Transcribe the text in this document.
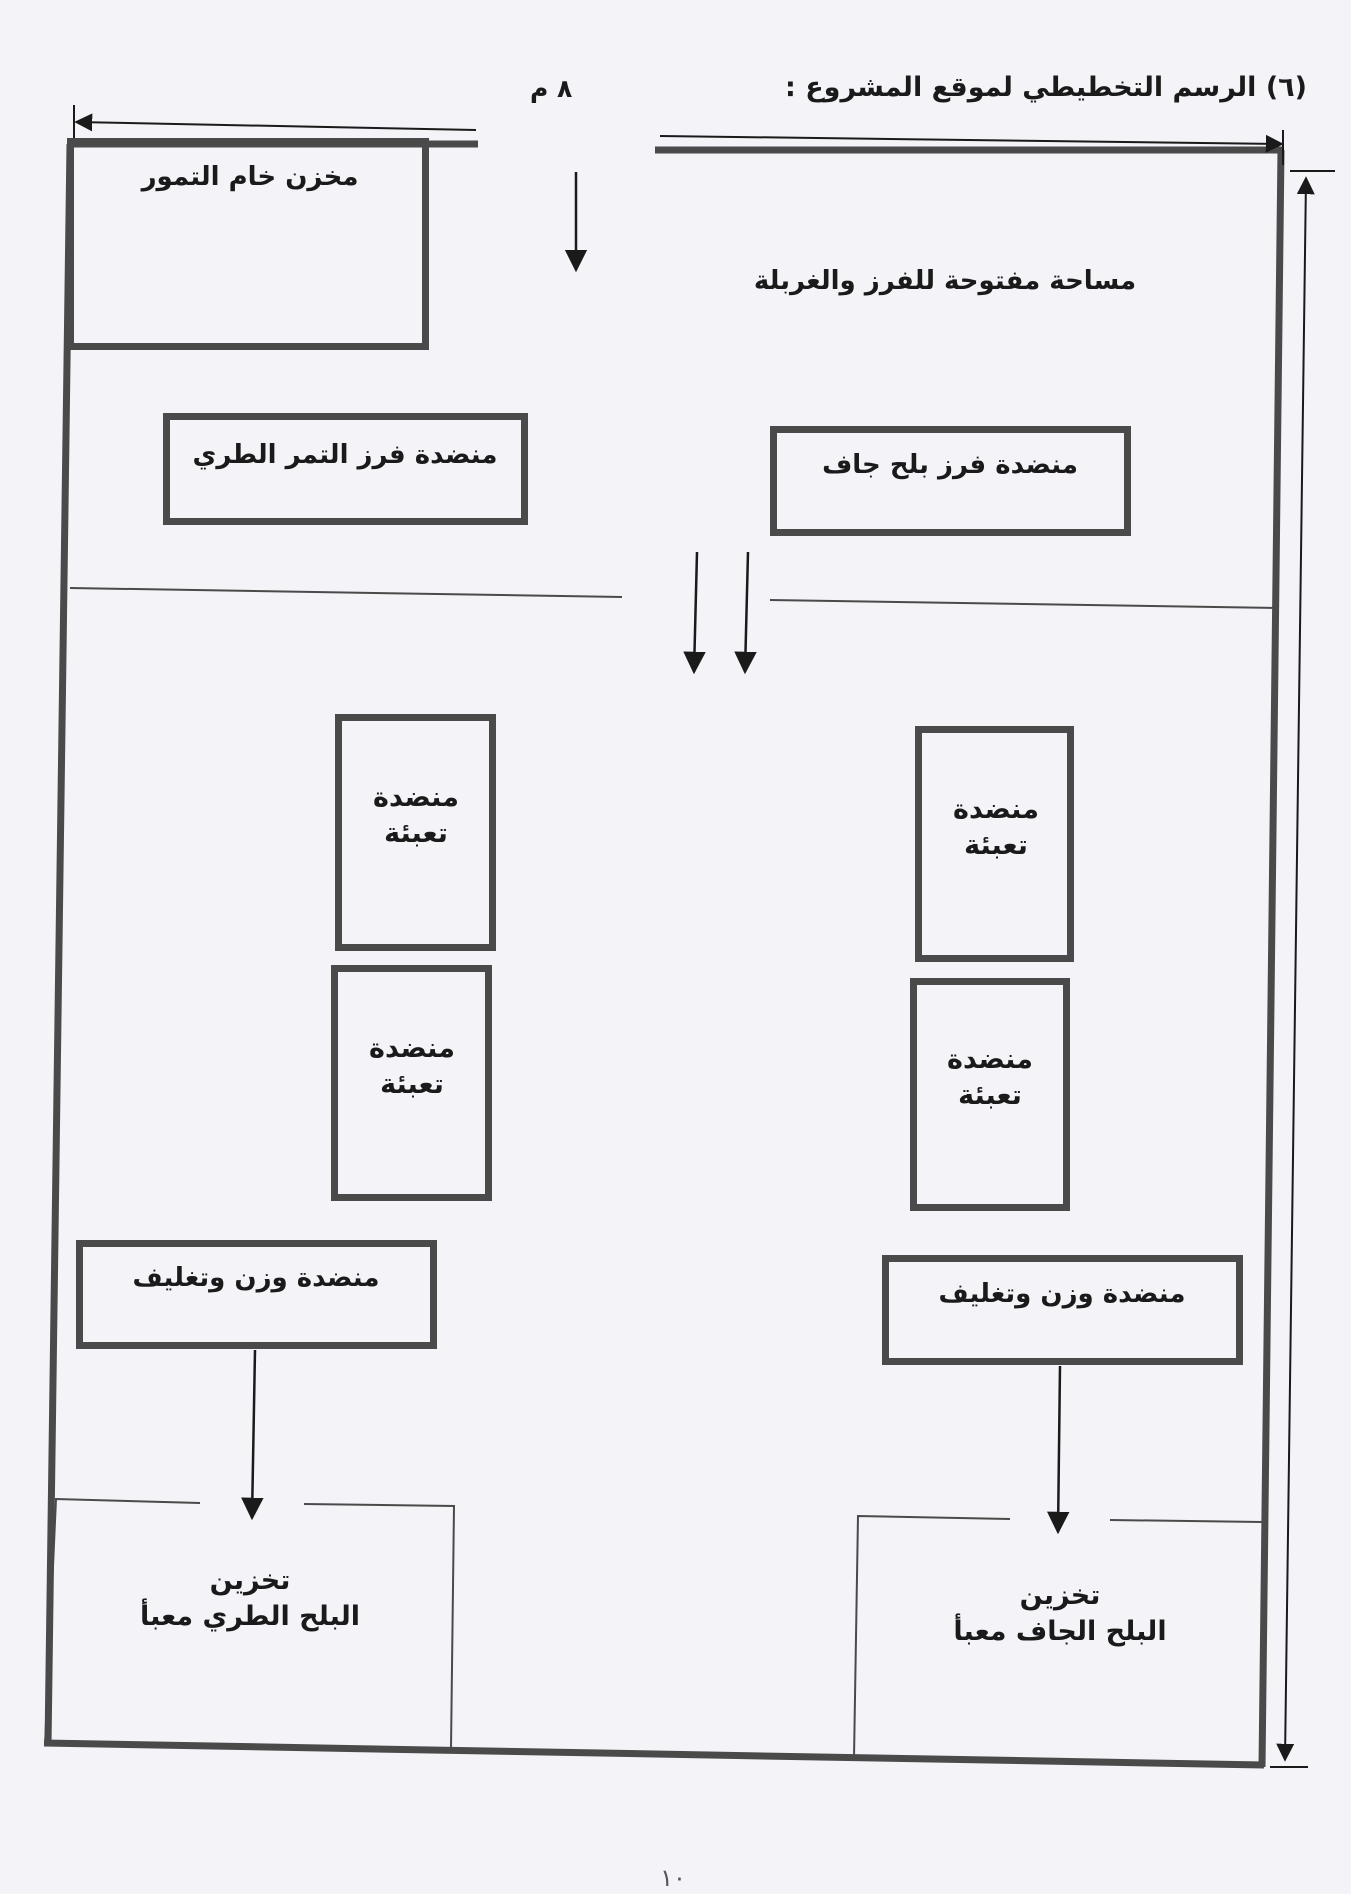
(٦) الرسم التخطيطي لموقع المشروع :
٨ م
مخزن خام التمور
مساحة مفتوحة للفرز والغربلة
منضدة فرز التمر الطري	منضدة فرز بلح جاف
منضدة
تعبئة
منضدة
تعبئة
منضدة
تعبئة
منضدة
تعبئة
منضدة وزن وتغليف
منضدة وزن وتغليف
تخزين
البلح الطري معبأ
تخزين
البلح الجاف معبأ
١٠
